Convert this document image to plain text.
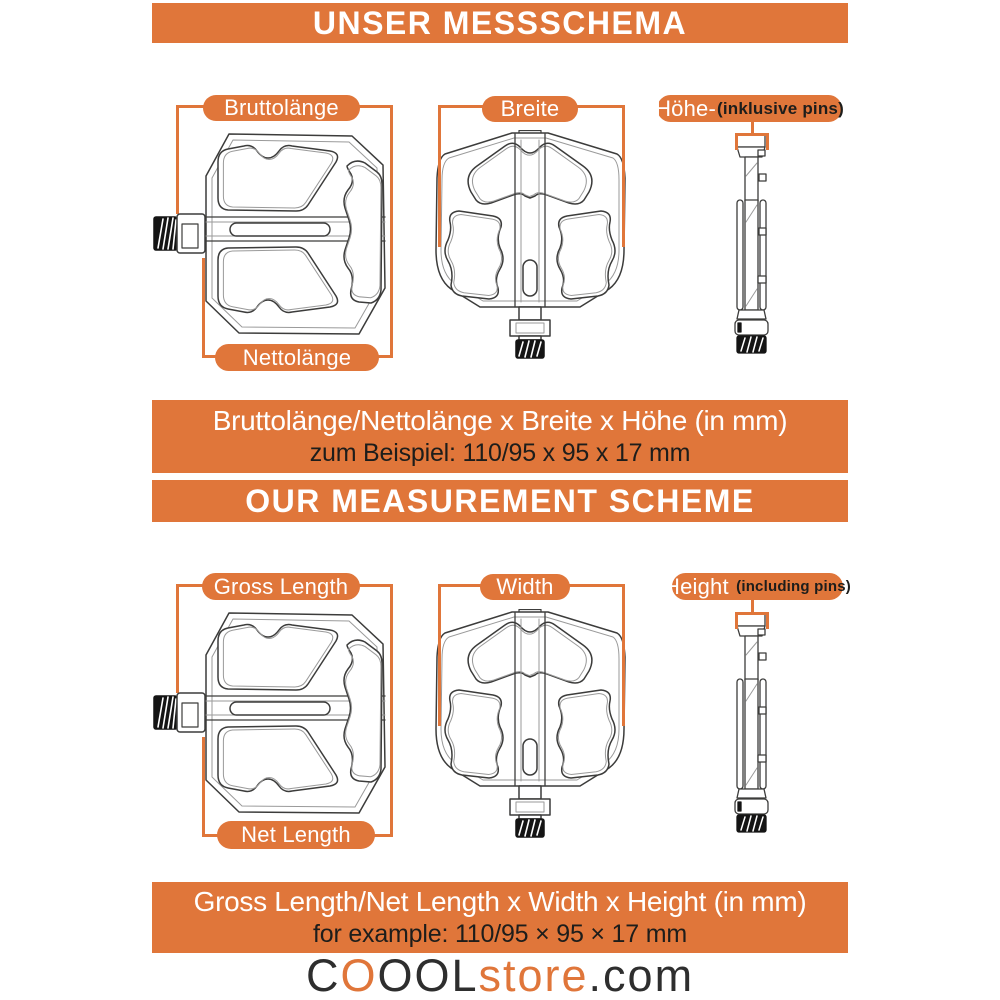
UNSER MESSSCHEMA
Bruttolänge
Nettolänge
Breite	Höhe- (inklusive pins)
Bruttolänge/Nettolänge x Breite x Höhe (in mm)
zum Beispiel: 110/95 x 95 x 17 mm
OUR MEASUREMENT SCHEME
Gross Length
Net Length
Width	Height
(including pins)
Gross Length/Net Length x Width x Height (in mm)
for example: 110/95 × 95 × 17 mm
C O OOL store .com
